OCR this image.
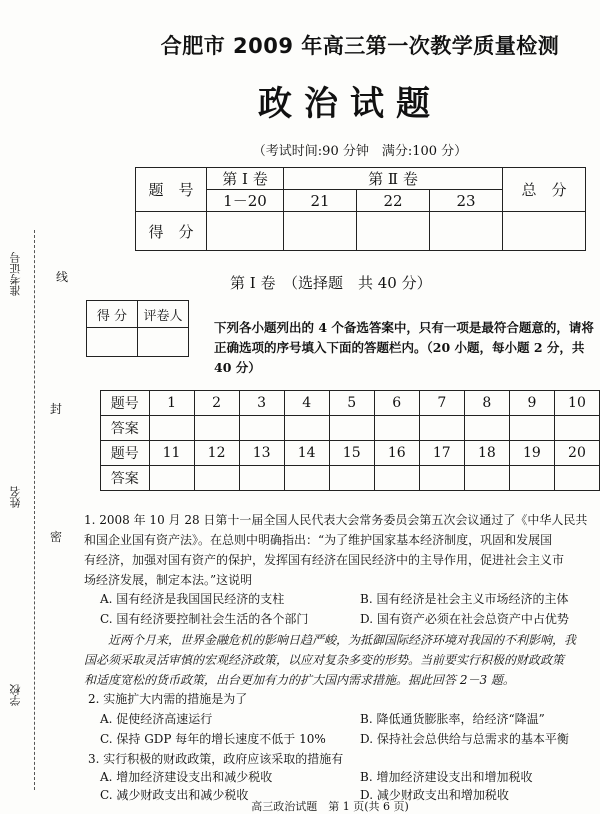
合肥市 2009 年高三第一次教学质量检测
政治试题
（考试时间:90 分钟　满分:100 分）
题　号	第 I 卷	第 Ⅱ 卷			总　分
	1－20	21	22	23	
得　分					
第 I 卷　（选择题　共 40 分）
得 分	评卷人

下列各小题列出的 4 个备选答案中，只有一项是最符合题意的，请将正确选项的序号填入下面的答题栏内。（20 小题，每小题 2 分，共 40 分）
题号	1	2	3	4	5	6	7	8	9	10
答案										
题号	11	12	13	14	15	16	17	18	19	20
答案										
准考证号	线
封
姓名
密
学校
1. 2008 年 10 月 28 日第十一届全国人民代表大会常务委员会第五次会议通过了《中华人民共
和国企业国有资产法》。在总则中明确指出：“为了维护国家基本经济制度，巩固和发展国
有经济，加强对国有资产的保护，发挥国有经济在国民经济中的主导作用，促进社会主义市
场经济发展，制定本法。”这说明
A. 国有经济是我国国民经济的支柱	B. 国有经济是社会主义市场经济的主体
C. 国有经济要控制社会生活的各个部门	D. 国有资产必须在社会总资产中占优势
近两个月来，世界金融危机的影响日趋严峻，为抵御国际经济环境对我国的不利影响，我
国必须采取灵活审慎的宏观经济政策，以应对复杂多变的形势。当前要实行积极的财政政策
和适度宽松的货币政策，出台更加有力的扩大国内需求措施。据此回答 2－3 题。
2. 实施扩大内需的措施是为了
A. 促使经济高速运行	B. 降低通货膨胀率，给经济“降温”
C. 保持 GDP 每年的增长速度不低于 10%	D. 保持社会总供给与总需求的基本平衡
3. 实行积极的财政政策，政府应该采取的措施有
A. 增加经济建设支出和减少税收	B. 增加经济建设支出和增加税收
C. 减少财政支出和减少税收	D. 减少财政支出和增加税收
高三政治试题　第 1 页(共 6 页)
